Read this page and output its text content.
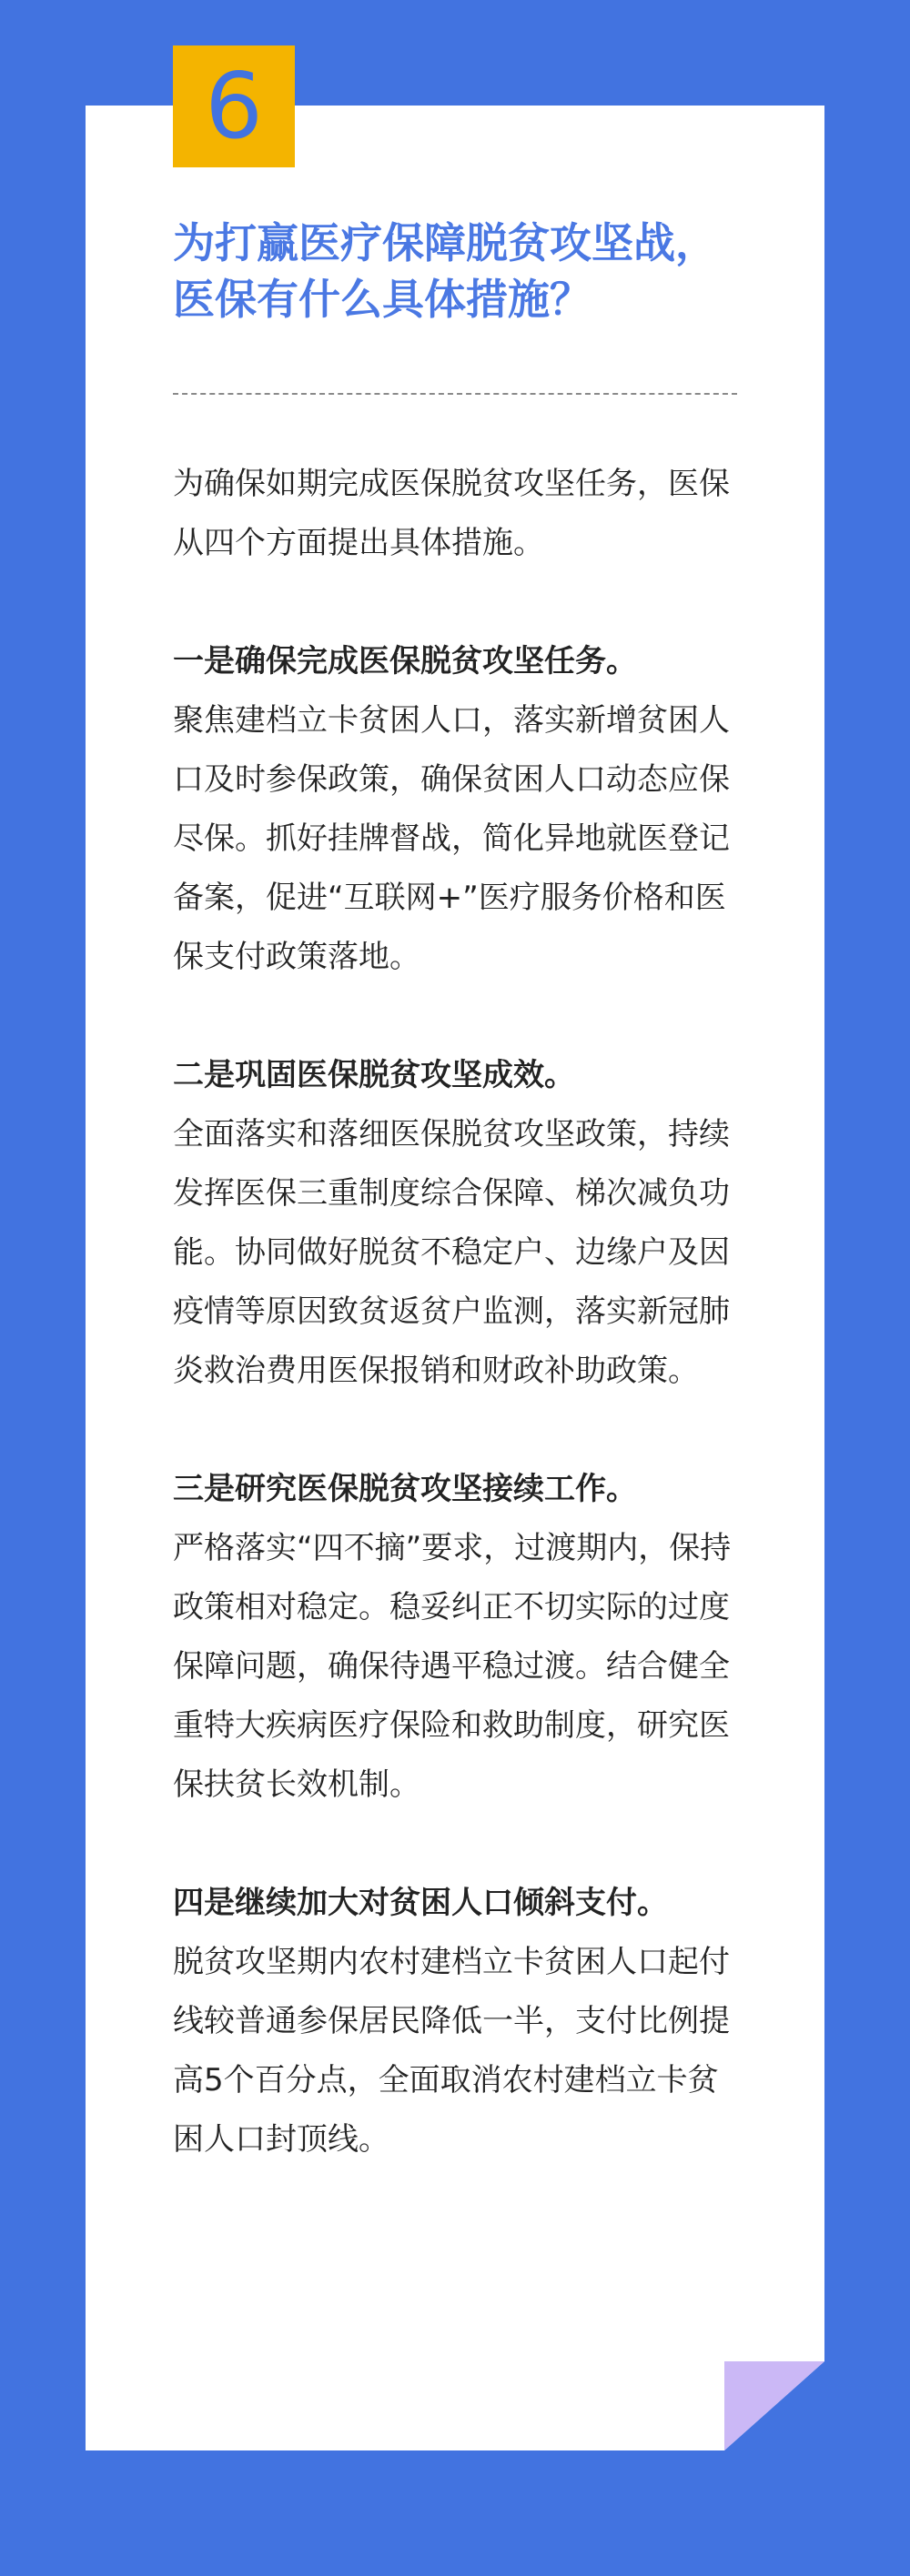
6
为打赢医疗保障脱贫攻坚战，医保有什么具体措施？

为确保如期完成医保脱贫攻坚任务，医保从四个方面提出具体措施。

一是确保完成医保脱贫攻坚任务。

聚焦建档立卡贫困人口，落实新增贫困人口及时参保政策，确保贫困人口动态应保尽保。抓好挂牌督战，简化异地就医登记备案，促进“互联网+”医疗服务价格和医保支付政策落地。

二是巩固医保脱贫攻坚成效。

全面落实和落细医保脱贫攻坚政策，持续发挥医保三重制度综合保障、梯次减负功能。协同做好脱贫不稳定户、边缘户及因疫情等原因致贫返贫户监测，落实新冠肺炎救治费用医保报销和财政补助政策。

三是研究医保脱贫攻坚接续工作。

严格落实“四不摘”要求，过渡期内，保持政策相对稳定。稳妥纠正不切实际的过度保障问题，确保待遇平稳过渡。结合健全重特大疾病医疗保险和救助制度，研究医保扶贫长效机制。

四是继续加大对贫困人口倾斜支付。

脱贫攻坚期内农村建档立卡贫困人口起付线较普通参保居民降低一半，支付比例提高5个百分点，全面取消农村建档立卡贫困人口封顶线。
